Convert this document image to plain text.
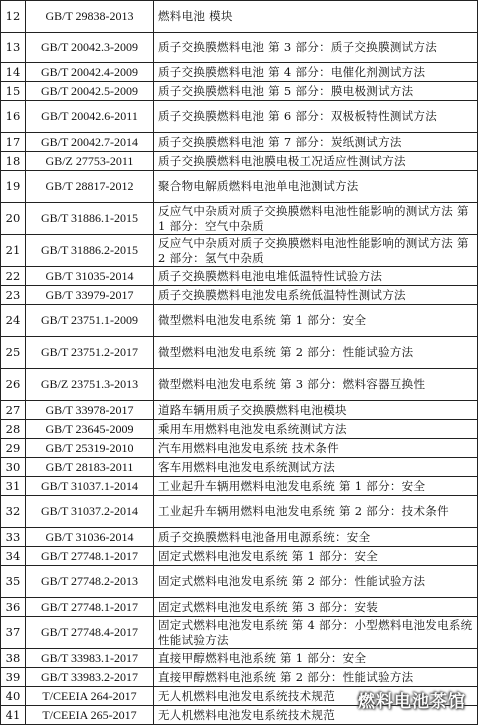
12	GB/T 29838-2013	燃料电池 模块
13	GB/T 20042.3-2009	质子交换膜燃料电池 第 3 部分：质子交换膜测试方法
14	GB/T 20042.4-2009	质子交换膜燃料电池 第 4 部分：电催化剂测试方法
15	GB/T 20042.5-2009	质子交换膜燃料电池 第 5 部分：膜电极测试方法
16	GB/T 20042.6-2011	质子交换膜燃料电池 第 6 部分：双极板特性测试方法
17	GB/T 20042.7-2014	质子交换膜燃料电池 第 7 部分：炭纸测试方法
18	GB/Z 27753-2011	质子交换膜燃料电池膜电极工况适应性测试方法
19	GB/T 28817-2012	聚合物电解质燃料电池单电池测试方法
20	GB/T 31886.1-2015	反应气中杂质对质子交换膜燃料电池性能影响的测试方法 第 1 部分：空气中杂质
21	GB/T 31886.2-2015	反应气中杂质对质子交换膜燃料电池性能影响的测试方法 第 2 部分：氢气中杂质
22	GB/T 31035-2014	质子交换膜燃料电池电堆低温特性试验方法
23	GB/T 33979-2017	质子交换膜燃料电池发电系统低温特性测试方法
24	GB/T 23751.1-2009	微型燃料电池发电系统 第 1 部分：安全
25	GB/T 23751.2-2017	微型燃料电池发电系统 第 2 部分：性能试验方法
26	GB/Z 23751.3-2013	微型燃料电池发电系统 第 3 部分：燃料容器互换性
27	GB/T 33978-2017	道路车辆用质子交换膜燃料电池模块
28	GB/T 23645-2009	乘用车用燃料电池发电系统测试方法
29	GB/T 25319-2010	汽车用燃料电池发电系统 技术条件
30	GB/T 28183-2011	客车用燃料电池发电系统测试方法
31	GB/T 31037.1-2014	工业起升车辆用燃料电池发电系统 第 1 部分：安全
32	GB/T 31037.2-2014	工业起升车辆用燃料电池发电系统 第 2 部分：技术条件
33	GB/T 31036-2014	质子交换膜燃料电池备用电源系统：安全
34	GB/T 27748.1-2017	固定式燃料电池发电系统 第 1 部分：安全
35	GB/T 27748.2-2013	固定式燃料电池发电系统 第 2 部分：性能试验方法
36	GB/T 27748.1-2017	固定式燃料电池发电系统 第 3 部分：安装
37	GB/T 27748.4-2017	固定式燃料电池发电系统 第 4 部分：小型燃料电池发电系统性能试验方法
38	GB/T 33983.1-2017	直接甲醇燃料电池系统 第 1 部分：安全
39	GB/T 33983.2-2017	直接甲醇燃料电池系统 第 2 部分：性能试验方法
40	T/CEEIA 264-2017	无人机燃料电池发电系统技术规范
41	T/CEEIA 265-2017	无人机燃料电池发电系统技术规范
燃料电池茶馆
